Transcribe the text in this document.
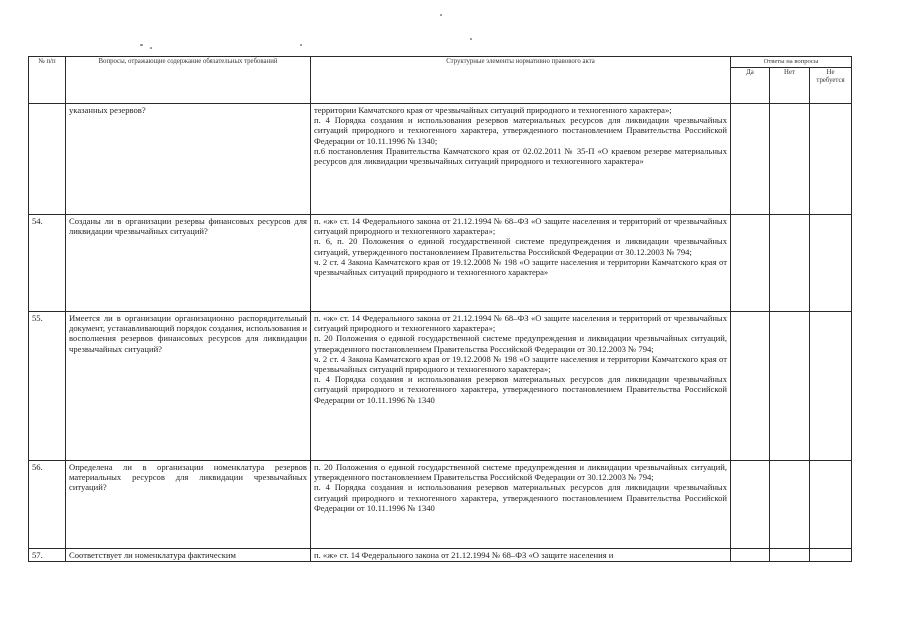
№ п/п	Вопросы, отражающие содержание обязательных требований	Структурные элементы нормативно правового акта	Ответы на вопросы		
			Да	Нет	Не требуется

	указанных резервов?	территории Камчатского края от чрезвычайных ситуаций природного и техногенного характера»;

п. 4 Порядка создания и использования резервов материальных ресурсов для ликвидации чрезвычайных ситуаций природного и техногенного характера, утвержденного постановлением Правительства Российской Федерации от 10.11.1996 № 1340;

п.6 постановления Правительства Камчатского края от 02.02.2011 № 35-П «О краевом резерве материальных ресурсов для ликвидации чрезвычайных ситуаций природного и техногенного характера»			

54.	Созданы ли в организации резервы финансовых ресурсов для ликвидации чрезвычайных ситуаций?	п. «ж» ст. 14 Федерального закона от 21.12.1994 № 68–ФЗ «О защите населения и территорий от чрезвычайных ситуаций природного и техногенного характера»;

п. 6, п. 20 Положения о единой государственной системе предупреждения и ликвидации чрезвычайных ситуаций, утвержденного постановлением Правительства Российской Федерации от 30.12.2003 № 794;

ч. 2 ст. 4 Закона Камчатского края от 19.12.2008 № 198 «О защите населения и территории Камчатского края от чрезвычайных ситуаций природного и техногенного характера»			

55.	Имеется ли в организации организационно распорядительный документ, устанавливающий порядок создания, использования и восполнения резервов финансовых ресурсов для ликвидации чрезвычайных ситуаций?	п. «ж» ст. 14 Федерального закона от 21.12.1994 № 68–ФЗ «О защите населения и территорий от чрезвычайных ситуаций природного и техногенного характера»;

п. 20 Положения о единой государственной системе предупреждения и ликвидации чрезвычайных ситуаций, утвержденного постановлением Правительства Российской Федерации от 30.12.2003 № 794;

ч. 2 ст. 4 Закона Камчатского края от 19.12.2008 № 198 «О защите населения и территории Камчатского края от чрезвычайных ситуаций природного и техногенного характера»;

п. 4 Порядка создания и использования резервов материальных ресурсов для ликвидации чрезвычайных ситуаций природного и техногенного характера, утвержденного постановлением Правительства Российской Федерации от 10.11.1996 № 1340			

56.	Определена ли в организации номенклатура резервов материальных ресурсов для ликвидации чрезвычайных ситуаций?	п. 20 Положения о единой государственной системе предупреждения и ликвидации чрезвычайных ситуаций, утвержденного постановлением Правительства Российской Федерации от 30.12.2003 № 794;

п. 4 Порядка создания и использования резервов материальных ресурсов для ликвидации чрезвычайных ситуаций природного и техногенного характера, утвержденного постановлением Правительства Российской Федерации от 10.11.1996 № 1340			

57.	Соответствует ли номенклатура фактическим	п. «ж» ст. 14 Федерального закона от 21.12.1994 № 68–ФЗ «О защите населения и			
